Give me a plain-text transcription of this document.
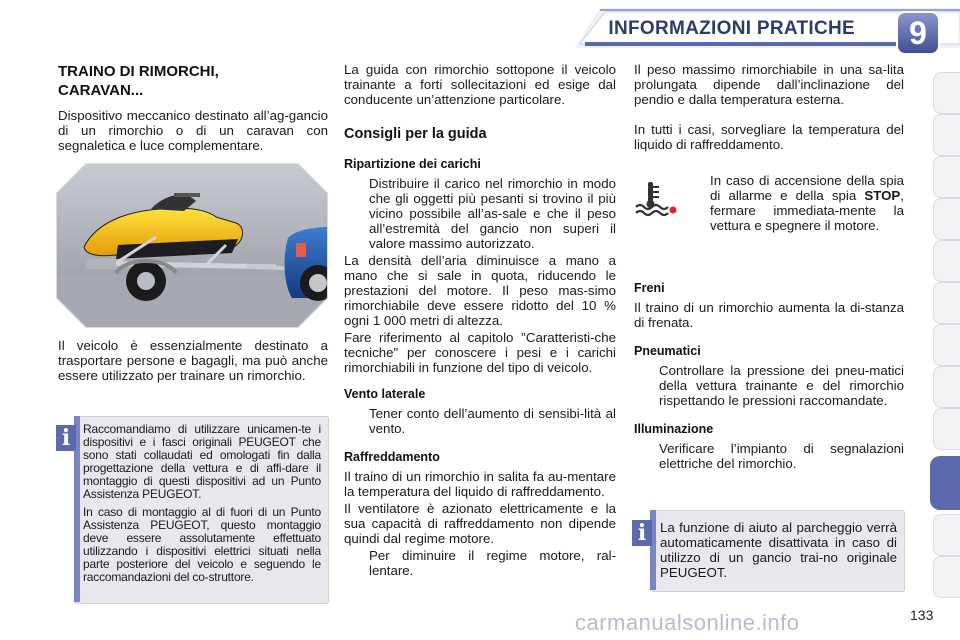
INFORMAZIONI PRATICHE	9
TRAINO DI RIMORCHI,
CARAVAN...

Dispositivo meccanico destinato all’ag-gancio di un rimorchio o di un caravan con segnaletica e luce complementare.

Il veicolo è essenzialmente destinato a trasportare persone e bagagli, ma può anche essere utilizzato per trainare un rimorchio.
i	Raccomandiamo di utilizzare unicamen-te i dispositivi e i fasci originali PEUGEOT che sono stati collaudati ed omologati fin dalla progettazione della vettura e di affi-dare il montaggio di questi dispositivi ad un Punto Assistenza PEUGEOT.

In caso di montaggio al di fuori di un Punto Assistenza PEUGEOT, questo montaggio deve essere assolutamente effettuato utilizzando i dispositivi elettrici situati nella parte posteriore del veicolo e seguendo le raccomandazioni del co-struttore.

La guida con rimorchio sottopone il veicolo trainante a forti sollecitazioni ed esige dal conducente un’attenzione particolare.

Consigli per la guida
Ripartizione dei carichi
Distribuire il carico nel rimorchio in modo che gli oggetti più pesanti si trovino il più vicino possibile all’as-sale e che il peso all’estremità del gancio non superi il valore massimo autorizzato.

La densità dell’aria diminuisce a mano a mano che si sale in quota, riducendo le prestazioni del motore. Il peso mas-simo rimorchiabile deve essere ridotto del 10 % ogni 1 000 metri di altezza.

Fare riferimento al capitolo "Caratteristi-che tecniche" per conoscere i pesi e i carichi rimorchiabili in funzione del tipo di veicolo.

Vento laterale
Tener conto dell’aumento di sensibi-lità al vento.
Raffreddamento

Il traino di un rimorchio in salita fa au-mentare la temperatura del liquido di raffreddamento.

Il ventilatore è azionato elettricamente e la sua capacità di raffreddamento non dipende quindi dal regime motore.

Per diminuire il regime motore, ral-lentare.

Il peso massimo rimorchiabile in una sa-lita prolungata dipende dall’inclinazione del pendio e dalla temperatura esterna.

In tutti i casi, sorvegliare la temperatura del liquido di raffreddamento.

In caso di accensione della spia di allarme e della spia STOP, fermare immediata-mente la vettura e spegnere il motore.
Freni

Il traino di un rimorchio aumenta la di-stanza di frenata.

Pneumatici
Controllare la pressione dei pneu-matici della vettura trainante e del rimorchio rispettando le pressioni raccomandate.
Illuminazione
Verificare l’impianto di segnalazioni elettriche del rimorchio.
i	La funzione di aiuto al parcheggio verrà automaticamente disattivata in caso di utilizzo di un gancio trai-no originale PEUGEOT.
carmanualsonline.info	133
